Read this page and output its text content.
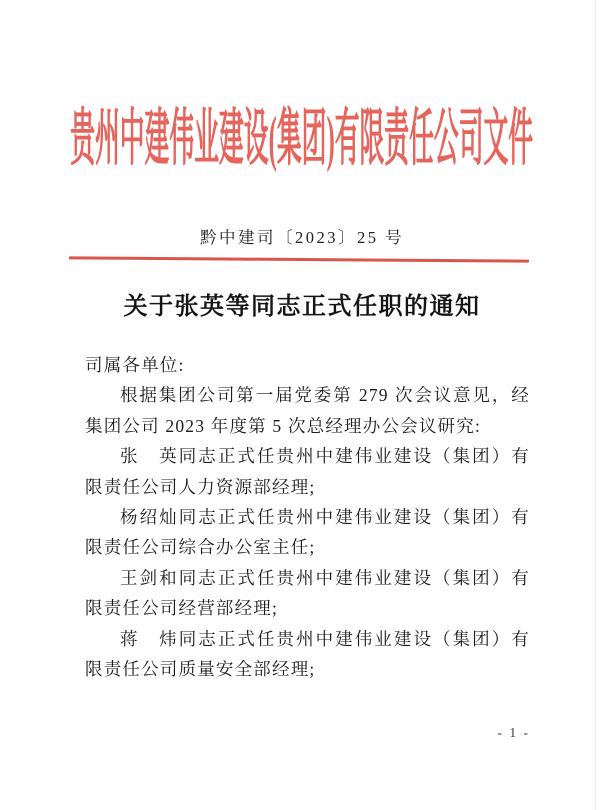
贵州中建伟业建设(集团)有限责任公司文件
黔中建司〔2023〕25 号
关于张英等同志正式任职的通知

司属各单位:

根据集团公司第一届党委第 279 次会议意见，经集团公司 2023 年度第 5 次总经理办公会议研究:

张　英同志正式任贵州中建伟业建设（集团）有限责任公司人力资源部经理;

杨绍灿同志正式任贵州中建伟业建设（集团）有限责任公司综合办公室主任;

王剑和同志正式任贵州中建伟业建设（集团）有限责任公司经营部经理;

蒋　炜同志正式任贵州中建伟业建设（集团）有限责任公司质量安全部经理;

- 1 -
